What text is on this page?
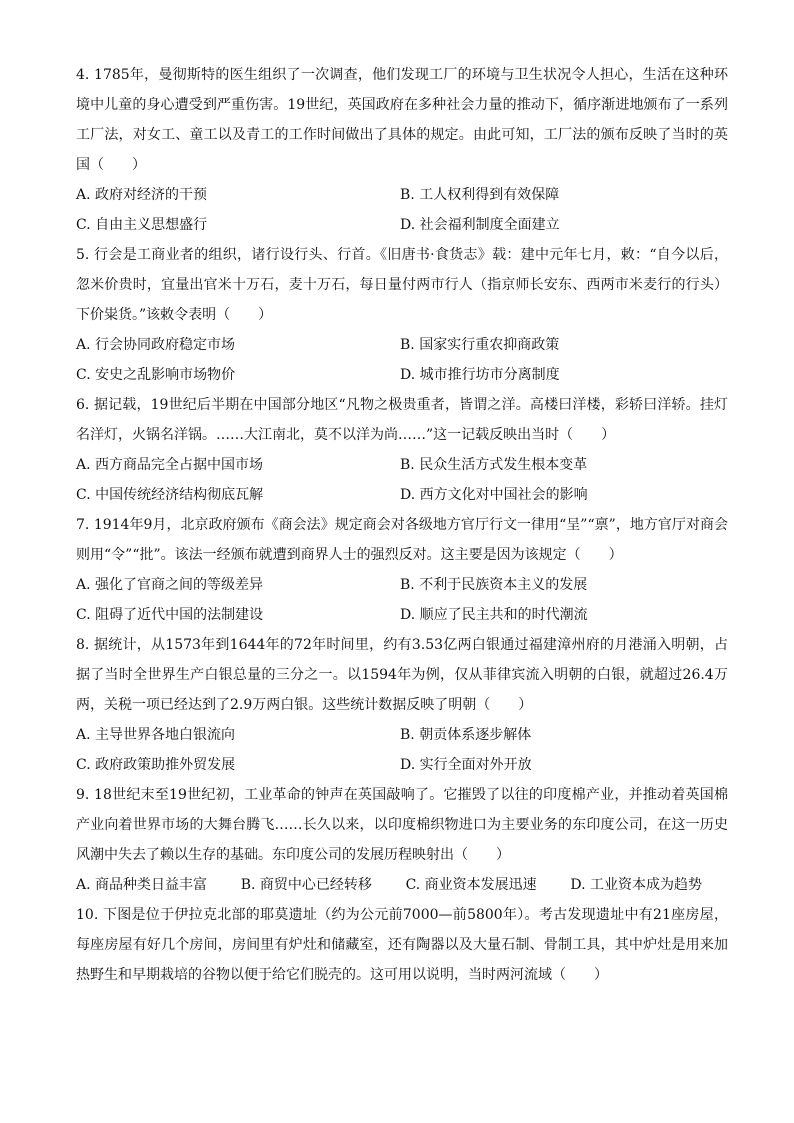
4. 1785年，曼彻斯特的医生组织了一次调查，他们发现工厂的环境与卫生状况令人担心，生活在这种环境中儿童的身心遭受到严重伤害。19世纪，英国政府在多种社会力量的推动下，循序渐进地颁布了一系列工厂法，对女工、童工以及青工的工作时间做出了具体的规定。由此可知，工厂法的颁布反映了当时的英国（　　）

A. 政府对经济的干预	B. 工人权利得到有效保障
C. 自由主义思想盛行	D. 社会福利制度全面建立

5. 行会是工商业者的组织，诸行设行头、行首。《旧唐书·食货志》载：建中元年七月，敕：“自今以后，忽米价贵时，宜量出官米十万石，麦十万石，每日量付两市行人（指京师长安东、西两市米麦行的行头）下价粜货。”该敕令表明（　　）

A. 行会协同政府稳定市场	B. 国家实行重农抑商政策
C. 安史之乱影响市场物价	D. 城市推行坊市分离制度

6. 据记载，19世纪后半期在中国部分地区“凡物之极贵重者，皆谓之洋。高楼曰洋楼，彩轿曰洋轿。挂灯名洋灯，火锅名洋锅。……大江南北，莫不以洋为尚……”这一记载反映出当时（　　）

A. 西方商品完全占据中国市场	B. 民众生活方式发生根本变革
C. 中国传统经济结构彻底瓦解	D. 西方文化对中国社会的影响

7. 1914年9月，北京政府颁布《商会法》规定商会对各级地方官厅行文一律用“呈”“禀”，地方官厅对商会则用“令”“批”。该法一经颁布就遭到商界人士的强烈反对。这主要是因为该规定（　　）

A. 强化了官商之间的等级差异	B. 不利于民族资本主义的发展
C. 阻碍了近代中国的法制建设	D. 顺应了民主共和的时代潮流

8. 据统计，从1573年到1644年的72年时间里，约有3.53亿两白银通过福建漳州府的月港涌入明朝，占据了当时全世界生产白银总量的三分之一。以1594年为例，仅从菲律宾流入明朝的白银，就超过26.4万两，关税一项已经达到了2.9万两白银。这些统计数据反映了明朝（　　）

A. 主导世界各地白银流向	B. 朝贡体系逐步解体
C. 政府政策助推外贸发展	D. 实行全面对外开放

9. 18世纪末至19世纪初，工业革命的钟声在英国敲响了。它摧毁了以往的印度棉产业，并推动着英国棉产业向着世界市场的大舞台腾飞……长久以来，以印度棉织物进口为主要业务的东印度公司，在这一历史风潮中失去了赖以生存的基础。东印度公司的发展历程映射出（　　）

A. 商品种类日益丰富 B. 商贸中心已经转移 C. 商业资本发展迅速 D. 工业资本成为趋势

10. 下图是位于伊拉克北部的耶莫遗址（约为公元前7000—前5800年）。考古发现遗址中有21座房屋，每座房屋有好几个房间，房间里有炉灶和储藏室，还有陶器以及大量石制、骨制工具，其中炉灶是用来加热野生和早期栽培的谷物以便于给它们脱壳的。这可用以说明，当时两河流域（　　）
